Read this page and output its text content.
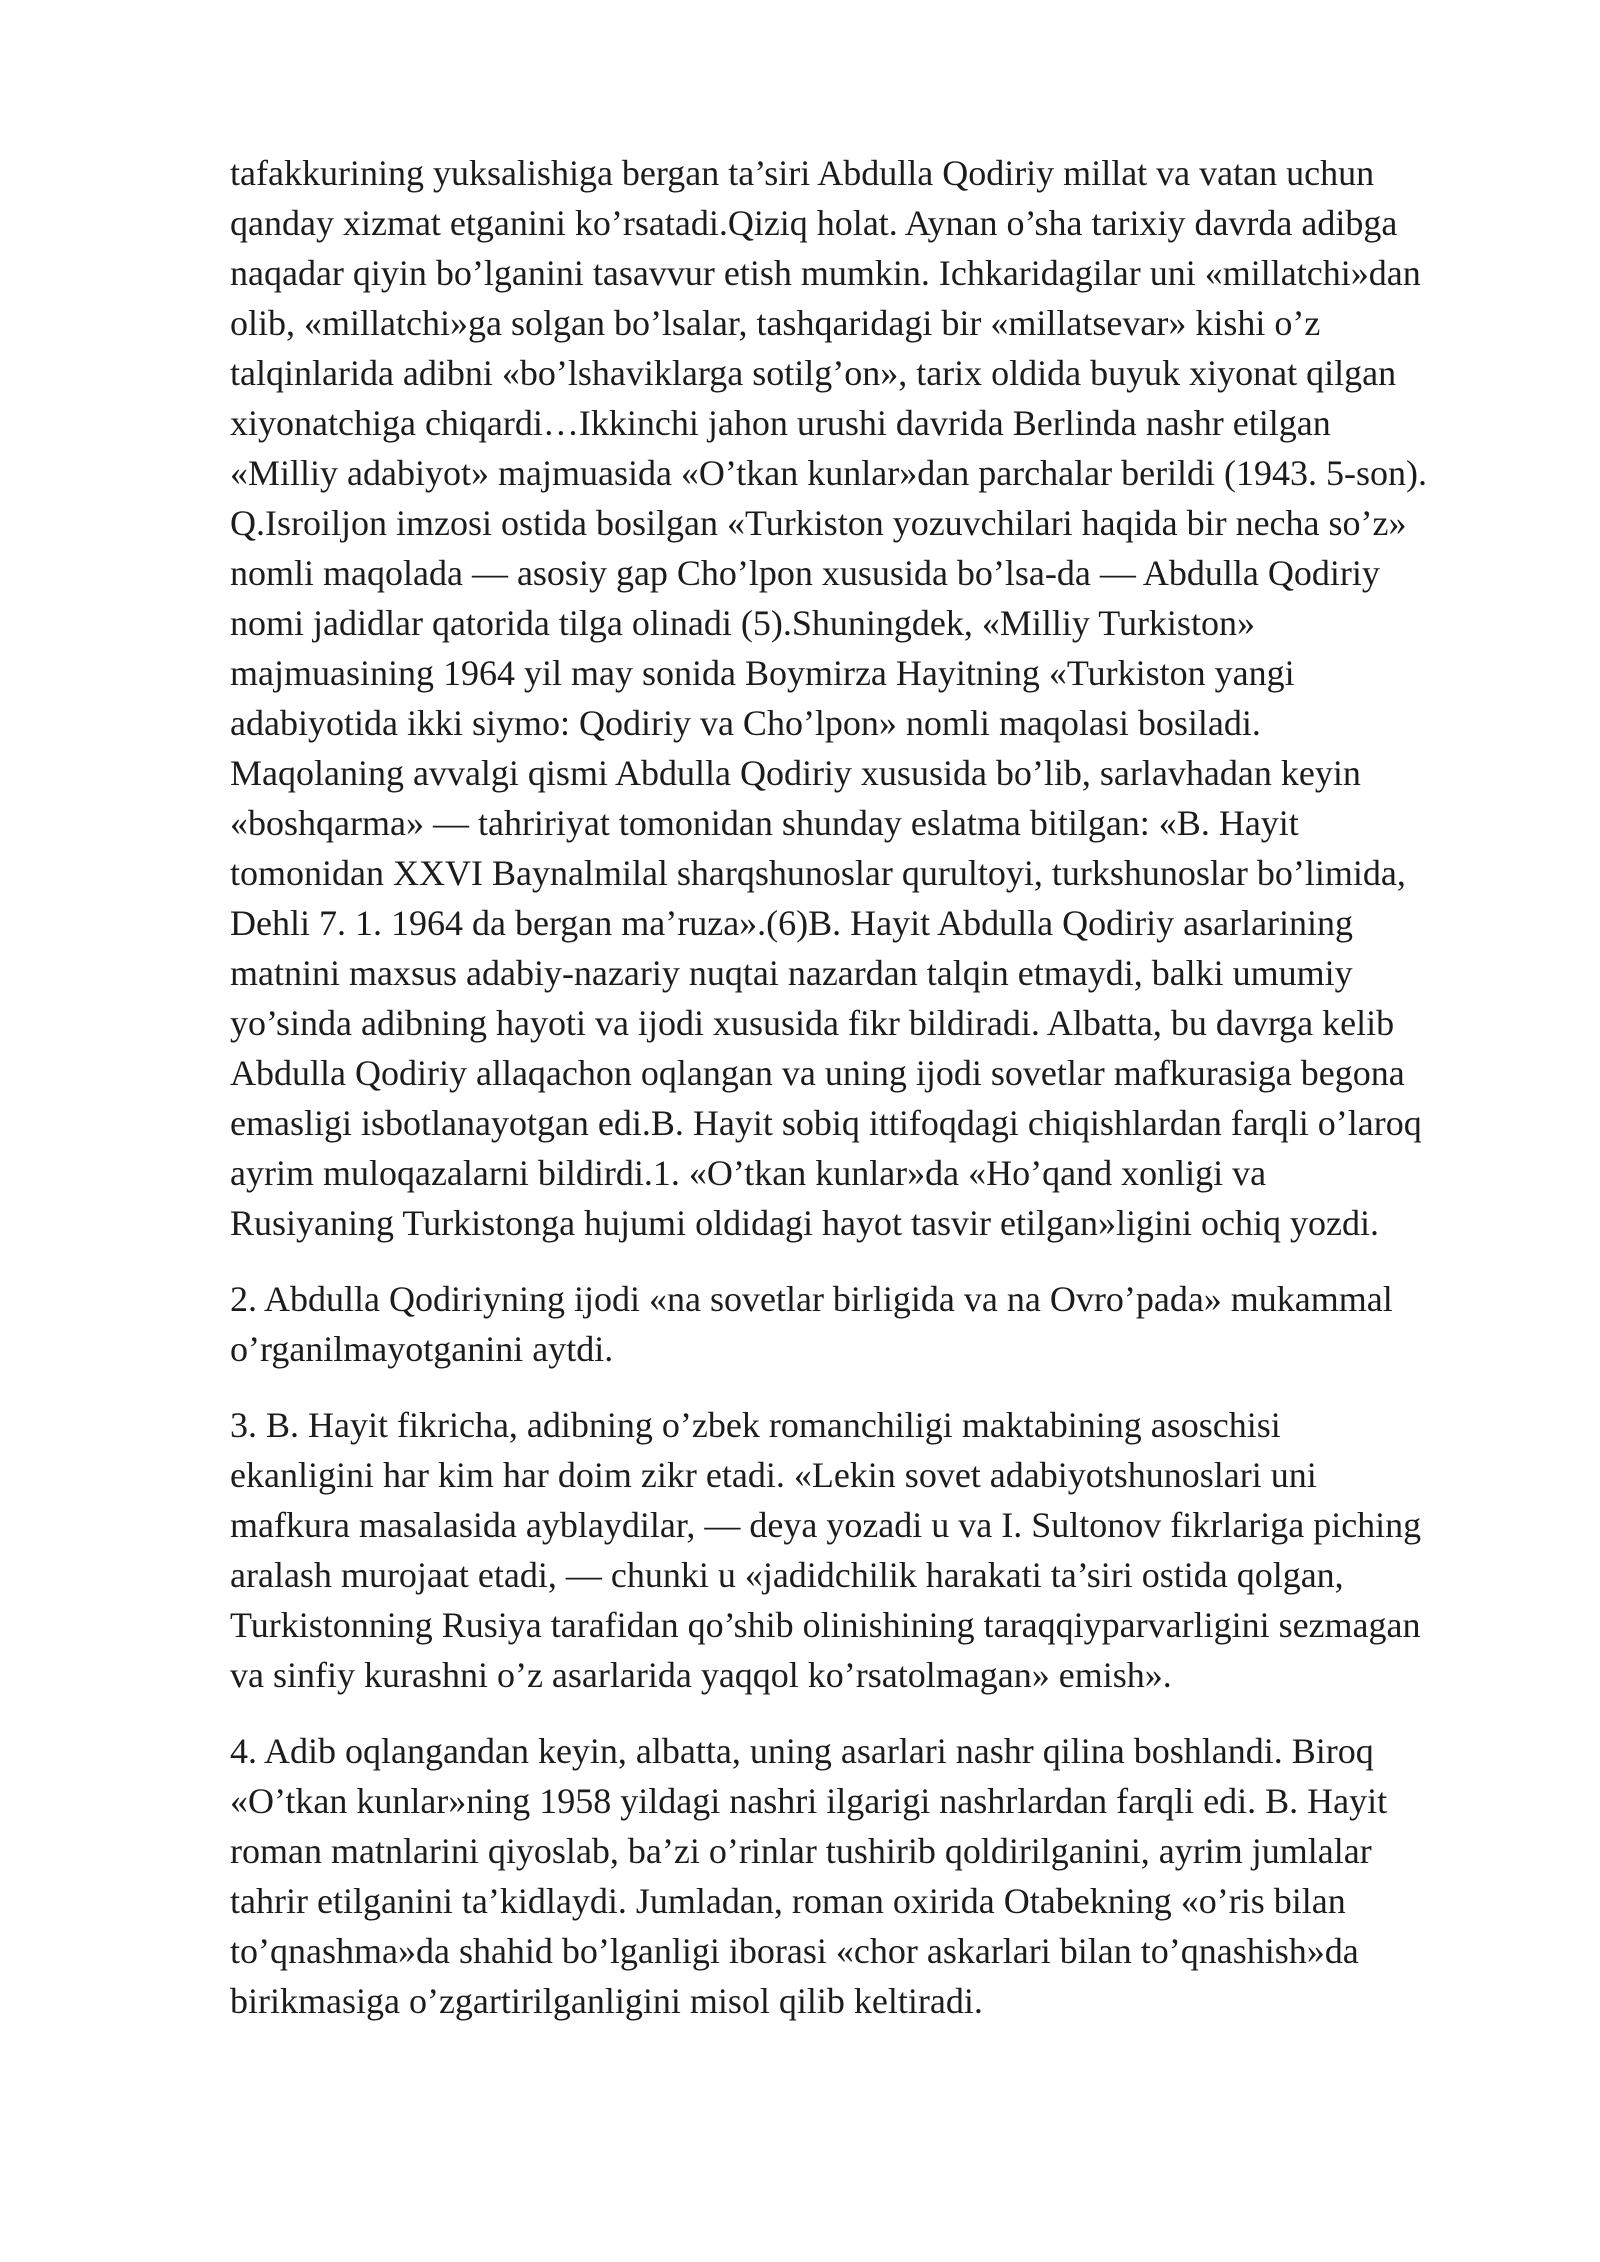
tafakkurining yuksalishiga bergan ta’siri Abdulla Qodiriy millat va vatan uchun
qanday xizmat etganini ko’rsatadi.Qiziq holat. Aynan o’sha tarixiy davrda adibga
naqadar qiyin bo’lganini tasavvur etish mumkin. Ichkaridagilar uni «millatchi»dan
olib, «millatchi»ga solgan bo’lsalar, tashqaridagi bir «millatsevar» kishi o’z
talqinlarida adibni «bo’lshaviklarga sotilg’on», tarix oldida buyuk xiyonat qilgan
xiyonatchiga chiqardi…Ikkinchi jahon urushi davrida Berlinda nashr etilgan
«Milliy adabiyot» majmuasida «O’tkan kunlar»dan parchalar berildi (1943. 5-son).
Q.Isroiljon imzosi ostida bosilgan «Turkiston yozuvchilari haqida bir necha so’z»
nomli maqolada — asosiy gap Cho’lpon xususida bo’lsa-da — Abdulla Qodiriy
nomi jadidlar qatorida tilga olinadi (5).Shuningdek, «Milliy Turkiston»
majmuasining 1964 yil may sonida Boymirza Hayitning «Turkiston yangi
adabiyotida ikki siymo: Qodiriy va Cho’lpon» nomli maqolasi bosiladi.
Maqolaning avvalgi qismi Abdulla Qodiriy xususida bo’lib, sarlavhadan keyin
«boshqarma» — tahririyat tomonidan shunday eslatma bitilgan: «B. Hayit
tomonidan XXVI Baynalmilal sharqshunoslar qurultoyi, turkshunoslar bo’limida,
Dehli 7. 1. 1964 da bergan ma’ruza».(6)B. Hayit Abdulla Qodiriy asarlarining
matnini maxsus adabiy-nazariy nuqtai nazardan talqin etmaydi, balki umumiy
yo’sinda adibning hayoti va ijodi xususida fikr bildiradi. Albatta, bu davrga kelib
Abdulla Qodiriy allaqachon oqlangan va uning ijodi sovetlar mafkurasiga begona
emasligi isbotlanayotgan edi.B. Hayit sobiq ittifoqdagi chiqishlardan farqli o’laroq
ayrim muloqazalarni bildirdi.1. «O’tkan kunlar»da «Ho’qand xonligi va
Rusiyaning Turkistonga hujumi oldidagi hayot tasvir etilgan»ligini ochiq yozdi.

2. Abdulla Qodiriyning ijodi «na sovetlar birligida va na Ovro’pada» mukammal
o’rganilmayotganini aytdi.

3. B. Hayit fikricha, adibning o’zbek romanchiligi maktabining asoschisi
ekanligini har kim har doim zikr etadi. «Lekin sovet adabiyotshunoslari uni
mafkura masalasida ayblaydilar, — deya yozadi u va I. Sultonov fikrlariga piching
aralash murojaat etadi, — chunki u «jadidchilik harakati ta’siri ostida qolgan,
Turkistonning Rusiya tarafidan qo’shib olinishining taraqqiyparvarligini sezmagan
va sinfiy kurashni o’z asarlarida yaqqol ko’rsatolmagan» emish».

4. Adib oqlangandan keyin, albatta, uning asarlari nashr qilina boshlandi. Biroq
«O’tkan kunlar»ning 1958 yildagi nashri ilgarigi nashrlardan farqli edi. B. Hayit
roman matnlarini qiyoslab, ba’zi o’rinlar tushirib qoldirilganini, ayrim jumlalar
tahrir etilganini ta’kidlaydi. Jumladan, roman oxirida Otabekning «o’ris bilan
to’qnashma»da shahid bo’lganligi iborasi «chor askarlari bilan to’qnashish»da
birikmasiga o’zgartirilganligini misol qilib keltiradi.
